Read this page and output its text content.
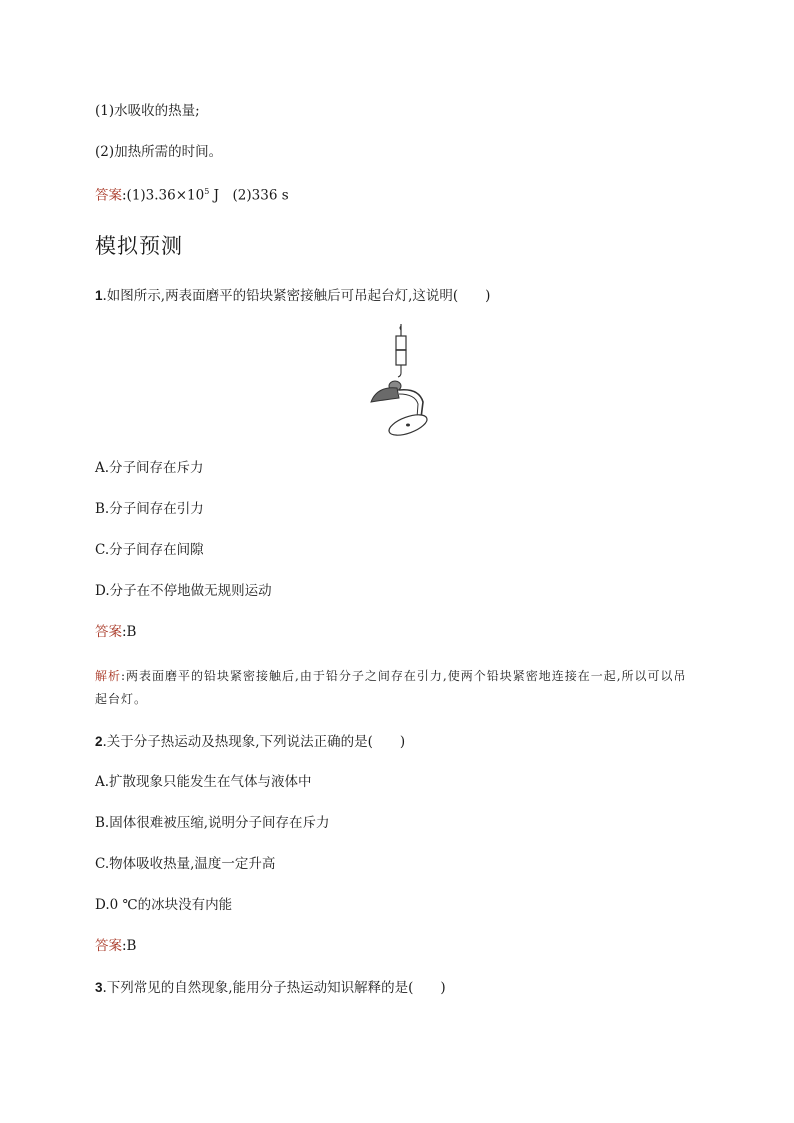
(1)水吸收的热量;
(2)加热所需的时间。
答案$:(1)3.36\times 10^5$ J　(2)336 s
模拟预测
1.如图所示,两表面磨平的铅块紧密接触后可吊起台灯,这说明(　　)
A.分子间存在斥力
B.分子间存在引力
C.分子间存在间隙
D.分子在不停地做无规则运动
答案:B
解析:两表面磨平的铅块紧密接触后,由于铅分子之间存在引力,使两个铅块紧密地连接在一起,所以可以吊起台灯。
2.关于分子热运动及热现象,下列说法正确的是(　　)
A.扩散现象只能发生在气体与液体中
B.固体很难被压缩,说明分子间存在斥力
C.物体吸收热量,温度一定升高
D.0 ℃的冰块没有内能
答案:B
3.下列常见的自然现象,能用分子热运动知识解释的是(　　)
